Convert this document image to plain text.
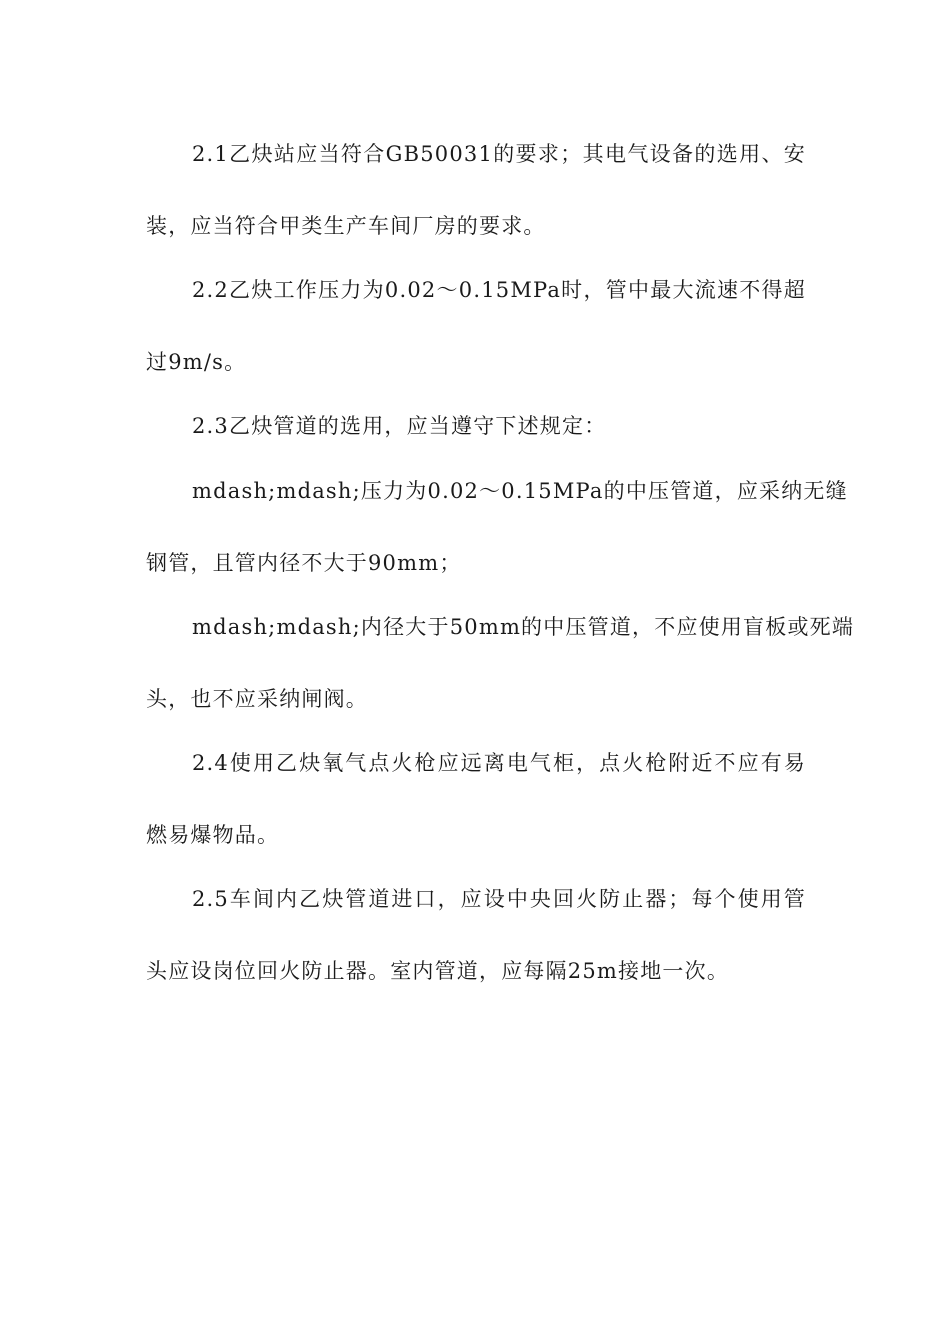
2.1乙炔站应当符合GB50031的要求；其电气设备的选用、安
装，应当符合甲类生产车间厂房的要求。
2.2乙炔工作压力为0.02～0.15MPa时，管中最大流速不得超
过9m/s。
2.3乙炔管道的选用，应当遵守下述规定：
mdash;mdash;压力为0.02～0.15MPa的中压管道，应采纳无缝
钢管，且管内径不大于90mm；
mdash;mdash;内径大于50mm的中压管道，不应使用盲板或死端
头，也不应采纳闸阀。
2.4使用乙炔氧气点火枪应远离电气柜，点火枪附近不应有易
燃易爆物品。
2.5车间内乙炔管道进口，应设中央回火防止器；每个使用管
头应设岗位回火防止器。室内管道，应每隔25m接地一次。
